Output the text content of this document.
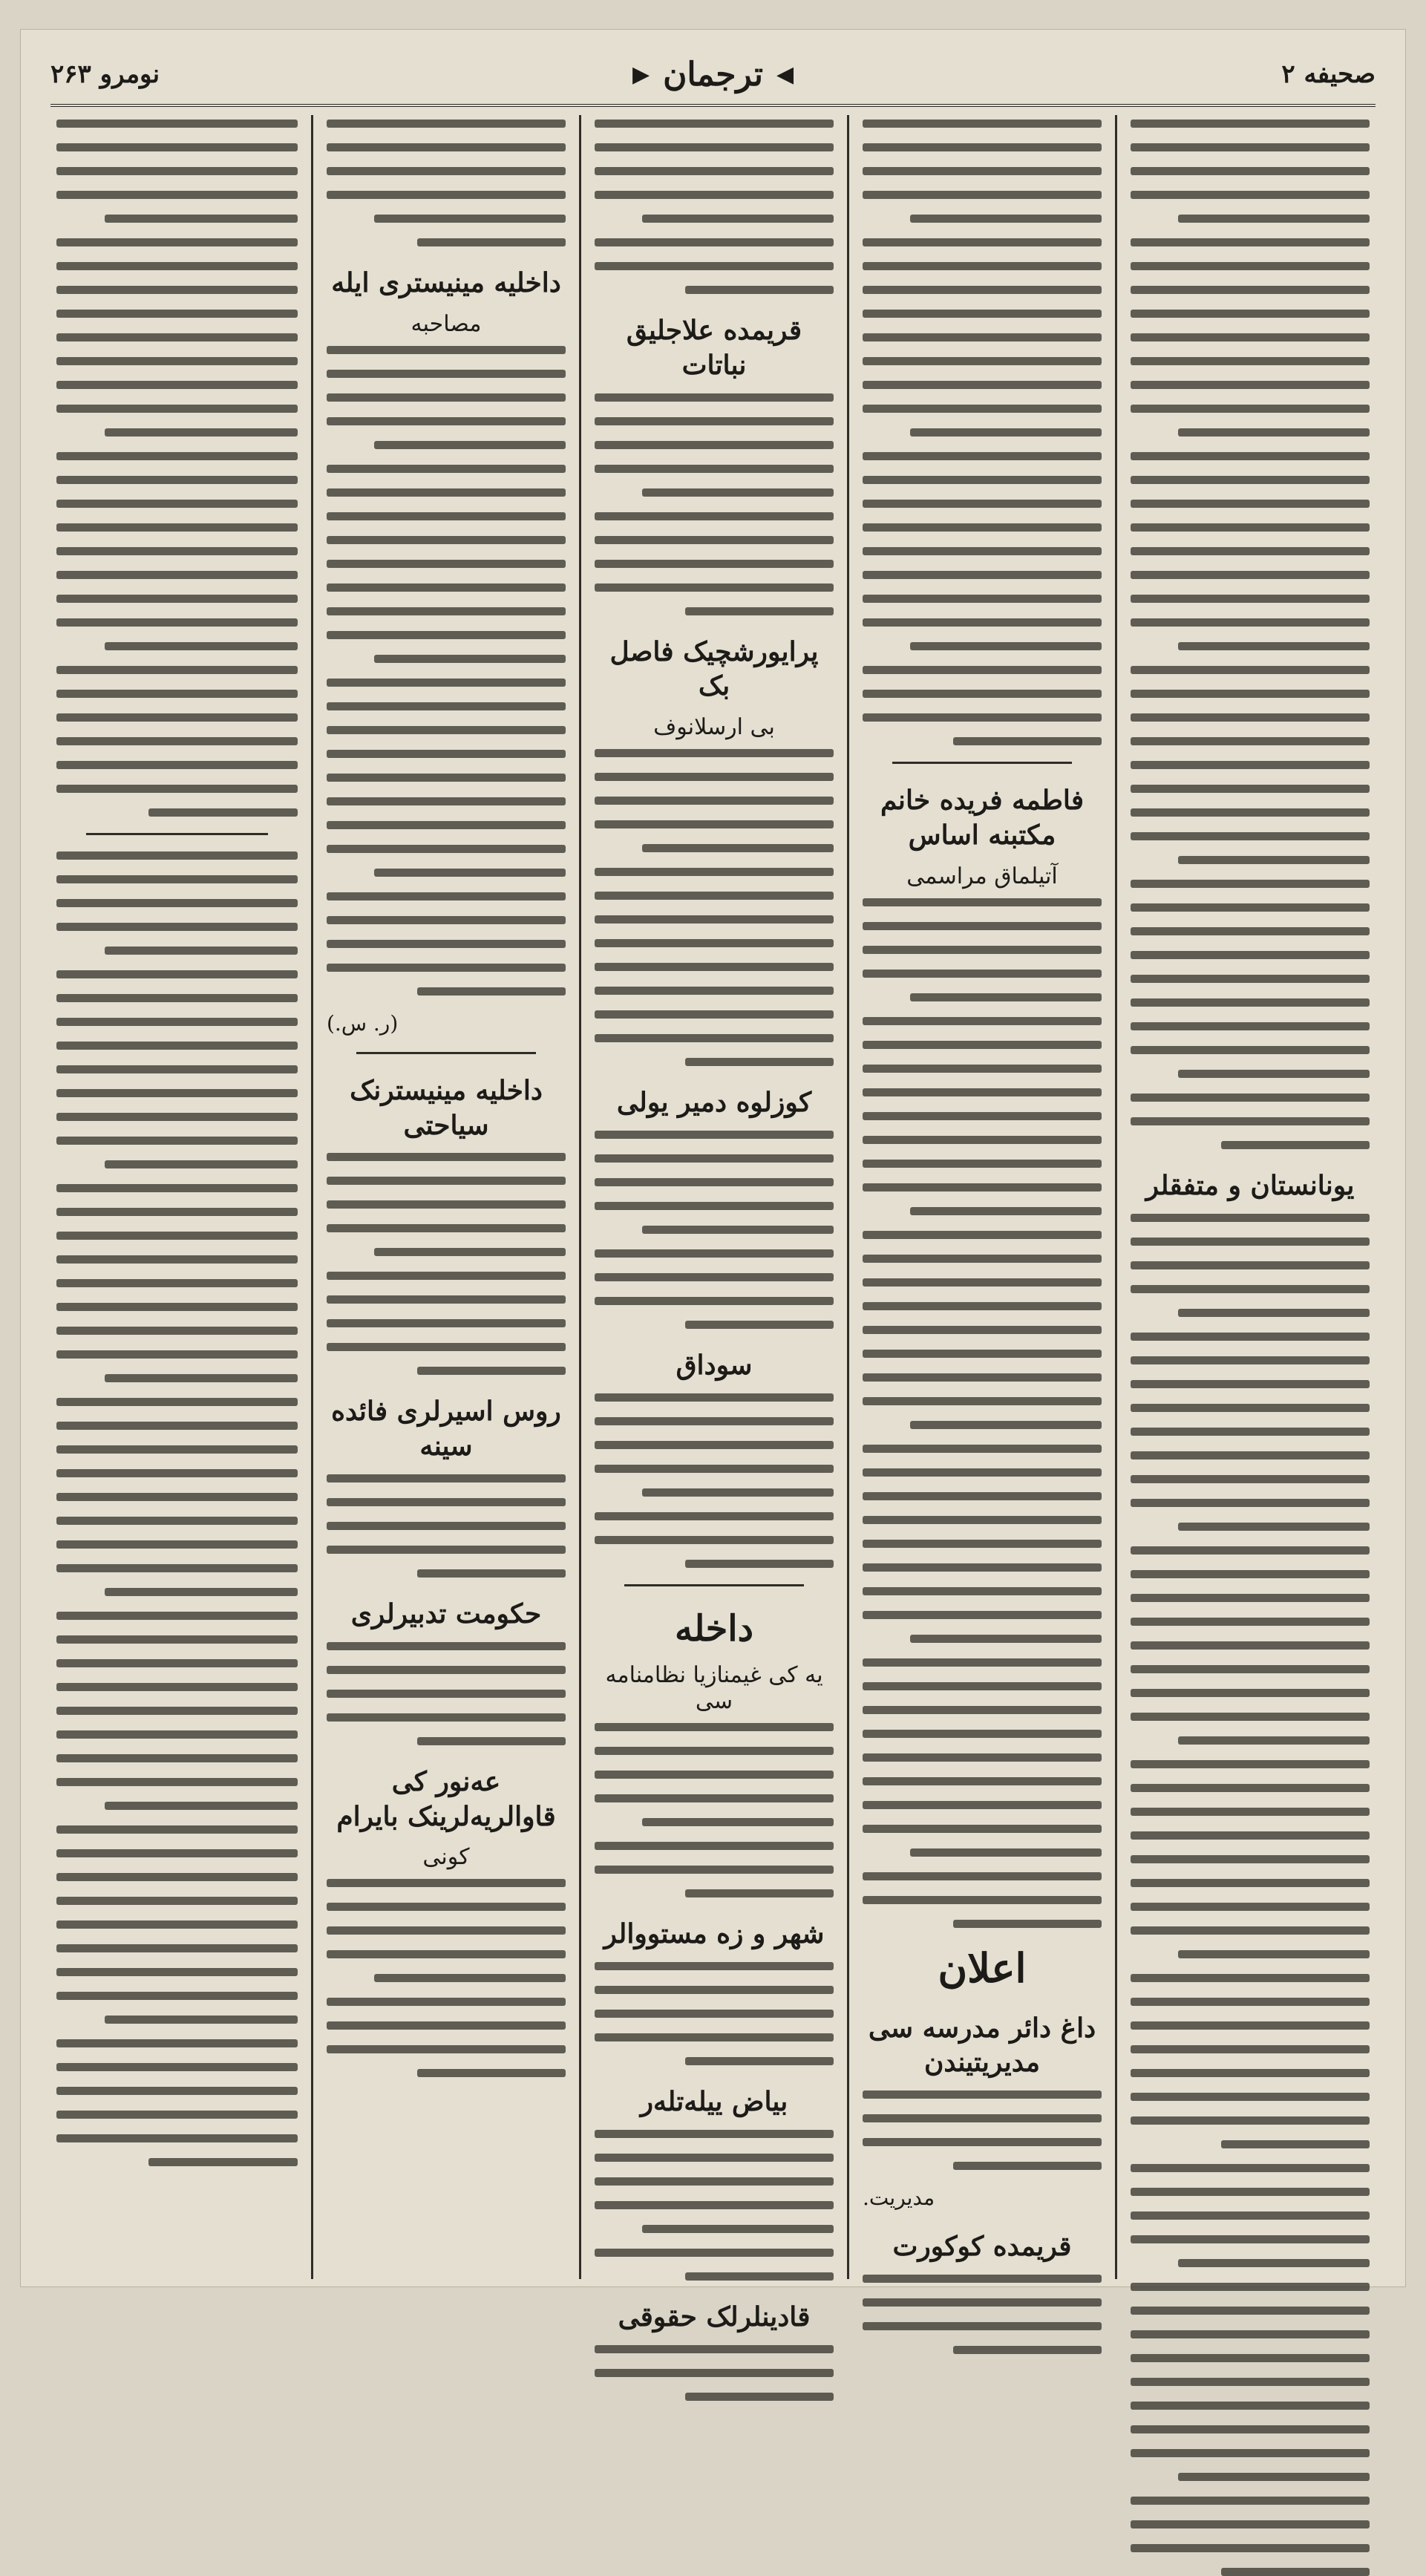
صحیفه ۲
◀
ترجمان
▶
نومرو ۲۶۳
یونانستان و متفقلر
فاطمه فریده خانم مکتبنه اساس
آتیلماق مراسمی
اعلان
داغ دائر مدرسه سی مدیریتیندن
مدیریت.
قریمده کوکورت
قریمده علاجلیق نباتات
پرایورشچیک فاصل بک
بی ارسلانوف
کوزلوه دمیر یولی
سوداق
داخله
یه کی غیمنازیا نظامنامه سی
شهر و زه مستووالر
بیاض ییله‌تله‌ر
قادینلرلک حقوقی
داخلیه مینیستری ایله
مصاحبه
(ر. س.)
داخلیه مینیستر‌نک سیاحتی
روس اسیرلری فائده سینه
حکومت تدبیرلری
عه‌نور کی قاوالریه‌لرینک بایرام
کونی
